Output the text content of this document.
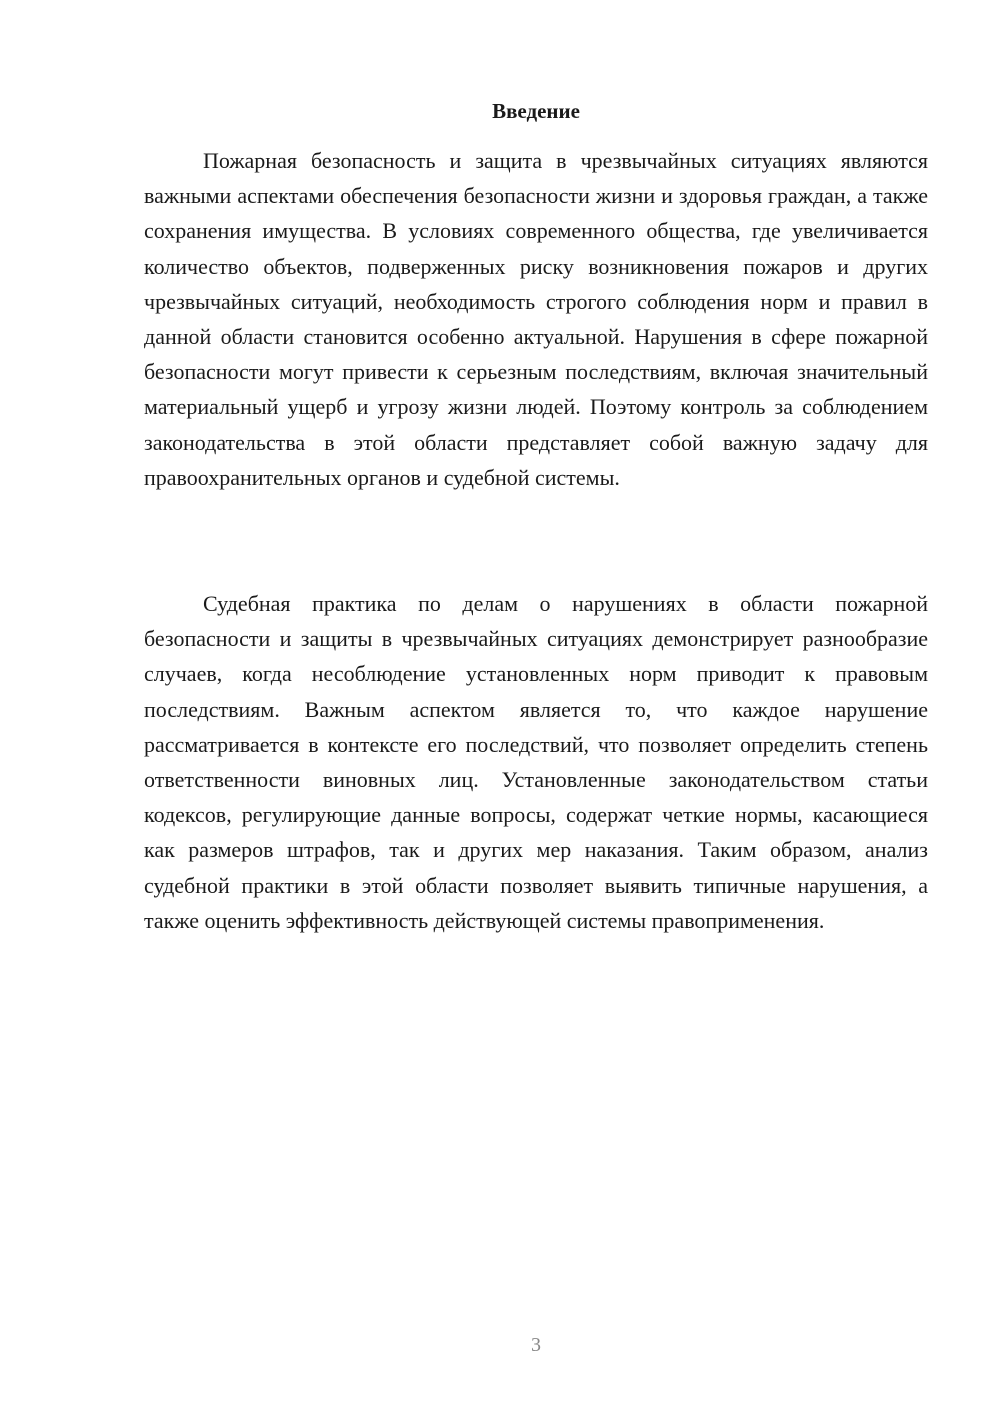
Введение

Пожарная безопасность и защита в чрезвычайных ситуациях являются важными аспектами обеспечения безопасности жизни и здоровья граждан, а также сохранения имущества. В условиях современного общества, где увеличивается количество объектов, подверженных риску возникновения пожаров и других чрезвычайных ситуаций, необходимость строгого соблюдения норм и правил в данной области становится особенно актуальной. Нарушения в сфере пожарной безопасности могут привести к серьезным последствиям, включая значительный материальный ущерб и угрозу жизни людей. Поэтому контроль за соблюдением законодательства в этой области представляет собой важную задачу для правоохранительных органов и судебной системы.

Судебная практика по делам о нарушениях в области пожарной безопасности и защиты в чрезвычайных ситуациях демонстрирует разнообразие случаев, когда несоблюдение установленных норм приводит к правовым последствиям. Важным аспектом является то, что каждое нарушение рассматривается в контексте его последствий, что позволяет определить степень ответственности виновных лиц. Установленные законодательством статьи кодексов, регулирующие данные вопросы, содержат четкие нормы, касающиеся как размеров штрафов, так и других мер наказания. Таким образом, анализ судебной практики в этой области позволяет выявить типичные нарушения, а также оценить эффективность действующей системы правоприменения.

3
